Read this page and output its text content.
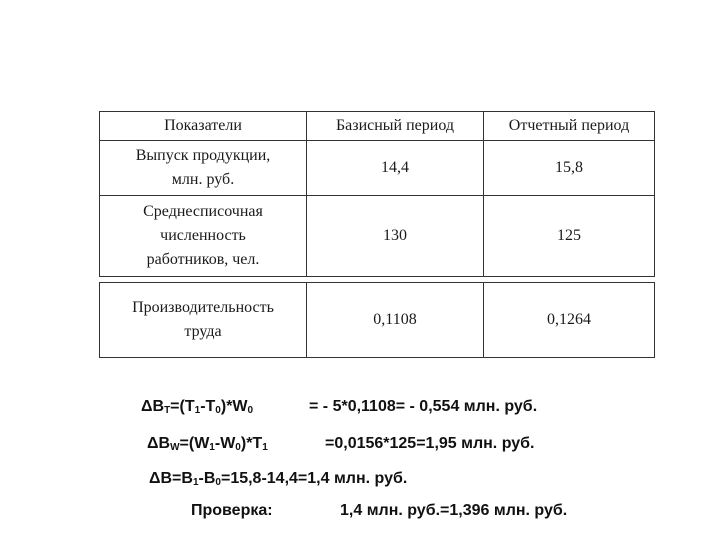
Показатели	Базисный период	Отчетный период
Выпуск продукции,
млн. руб.
14,4	15,8
Среднесписочная
численность
работников, чел.
130	125
Производительность
труда
0,1108	0,1264
$\Delta B_T=(T_1-T_0)*W_0$	= - 5*0,1108= - 0,554 млн. руб.
$\Delta B_W=(W_1-W_0)*T_1$	=0,0156*125=1,95 млн. руб.
$\Delta B=B_1-B_0=15,8-14,4=1,4$ млн. руб.
Проверка:	1,4 млн. руб.=1,396 млн. руб.
